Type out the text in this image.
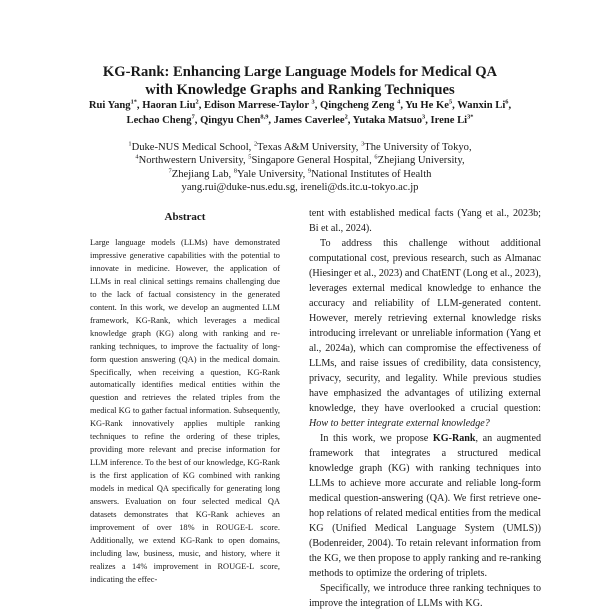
KG-Rank: Enhancing Large Language Models for Medical QA
with Knowledge Graphs and Ranking Techniques
Rui Yang$^{1*}$, Haoran Liu$^2$, Edison Marrese-Taylor $^3$, Qingcheng Zeng $^4$, Yu He Ke$^5$, Wanxin Li$^6$,
Lechao Cheng$^7$, Qingyu Chen$^{8,9}$, James Caverlee$^2$, Yutaka Matsuo$^3$, Irene $Li^{3*}$
$^1$Duke-NUS Medical School, $^2$Texas A&M University, $^3$The University of Tokyo,
$^4$Northwestern University, $^5$Singapore General Hospital, $^6$Zhejiang University,
$^7$Zhejiang Lab, $^8$Yale University, $^9$National Institutes of Health
yang.rui@duke-nus.edu.sg, ireneli@ds.itc.u-tokyo.ac.jp
Abstract
Large language models (LLMs) have demonstrated impressive generative capabilities with the potential to innovate in medicine. However, the application of LLMs in real clinical settings remains challenging due to the lack of factual consistency in the generated content. In this work, we develop an augmented LLM framework, KG-Rank, which leverages a medical knowledge graph (KG) along with ranking and re-ranking techniques, to improve the factuality of long-form question answering (QA) in the medical domain. Specifically, when receiving a question, KG-Rank automatically identifies medical entities within the question and retrieves the related triples from the medical KG to gather factual information. Subsequently, KG-Rank innovatively applies multiple ranking techniques to refine the ordering of these triples, providing more relevant and precise information for LLM inference. To the best of our knowledge, KG-Rank is the first application of KG combined with ranking models in medical QA specifically for generating long answers. Evaluation on four selected medical QA datasets demonstrates that KG-Rank achieves an improvement of over 18% in ROUGE-L score. Additionally, we extend KG-Rank to open domains, including law, business, music, and history, where it realizes a 14% improvement in ROUGE-L score, indicating the effec-

tent with established medical facts (Yang et al., 2023b; Bi et al., 2024).

To address this challenge without additional computational cost, previous research, such as Almanac (Hiesinger et al., 2023) and ChatENT (Long et al., 2023), leverages external medical knowledge to enhance the accuracy and reliability of LLM-generated content. However, merely retrieving external knowledge risks introducing irrelevant or unreliable information (Yang et al., 2024a), which can compromise the effectiveness of LLMs, and raise issues of credibility, data consistency, privacy, security, and legality. While previous studies have emphasized the advantages of utilizing external knowledge, they have overlooked a crucial question: How to better integrate external knowledge?

In this work, we propose KG-Rank, an augmented framework that integrates a structured medical knowledge graph (KG) with ranking techniques into LLMs to achieve more accurate and reliable long-form medical question-answering (QA). We first retrieve one-hop relations of related medical entities from the medical KG (Unified Medical Language System (UMLS)) (Bodenreider, 2004). To retain relevant information from the KG, we then propose to apply ranking and re-ranking methods to optimize the ordering of triplets.

Specifically, we introduce three ranking techniques to improve the integration of LLMs with KG.
